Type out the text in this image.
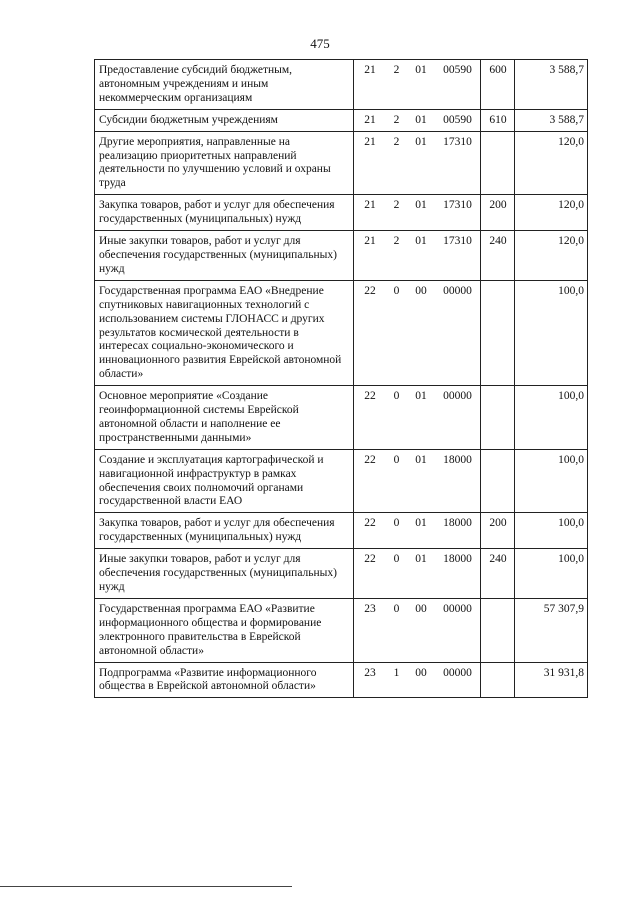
475
Предоставление субсидий бюджетным, автономным учреждениям и иным некоммерческим организациям	21	2	01	00590	600	3 588,7
Субсидии бюджетным учреждениям	21	2	01	00590	610	3 588,7
Другие мероприятия, направленные на реализацию приоритетных направлений деятельности по улучшению условий и охраны труда	21	2	01	17310		120,0
Закупка товаров, работ и услуг для обеспечения государственных (муниципальных) нужд	21	2	01	17310	200	120,0
Иные закупки товаров, работ и услуг для обеспечения государственных (муниципальных) нужд	21	2	01	17310	240	120,0
Государственная программа ЕАО «Внедрение спутниковых навигационных технологий с использованием системы ГЛОНАСС и других результатов космической деятельности в интересах социально-экономического и инновационного развития Еврейской автономной области»	22	0	00	00000		100,0
Основное мероприятие «Создание геоинформационной системы Еврейской автономной области и наполнение ее пространственными данными»	22	0	01	00000		100,0
Создание и эксплуатация картографической и навигационной инфраструктур в рамках обеспечения своих полномочий органами государственной власти ЕАО	22	0	01	18000		100,0
Закупка товаров, работ и услуг для обеспечения государственных (муниципальных) нужд	22	0	01	18000	200	100,0
Иные закупки товаров, работ и услуг для обеспечения государственных (муниципальных) нужд	22	0	01	18000	240	100,0
Государственная программа ЕАО «Развитие информационного общества и формирование электронного правительства в Еврейской автономной области»	23	0	00	00000		57 307,9
Подпрограмма «Развитие информационного общества в Еврейской автономной области»	23	1	00	00000		31 931,8
